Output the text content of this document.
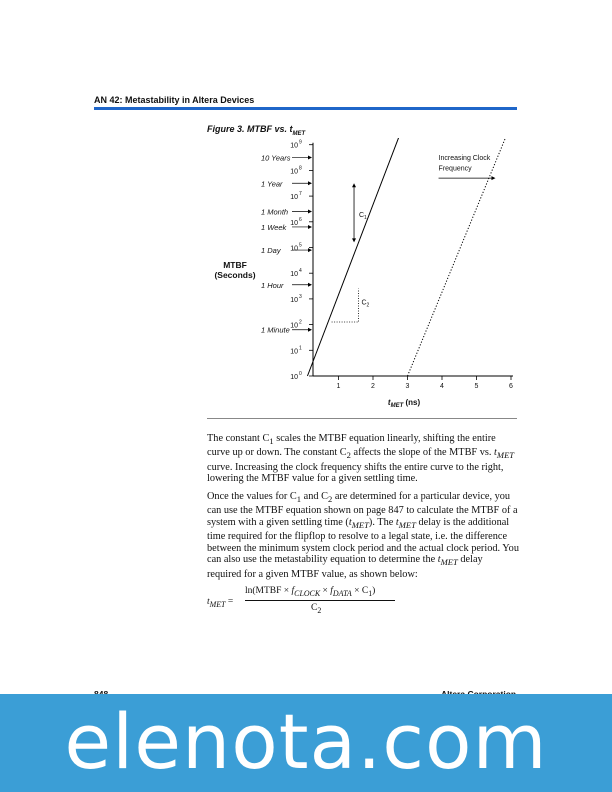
AN 42: Metastability in Altera Devices
Figure 3. MTBF vs. $t_{MET}$
MTBF
(Seconds)
10 0
10 1
10 2
10 3
10 4
10 5
10 6
10 7
10 8
10 9
1	2	3	4	5	6
$t_{MET}$ (ns)
10 Years
1 Year
1 Month
1 Week
1 Day
1 Hour
1 Minute
C 1
C 2
Increasing Clock
Frequency
The constant $C_1$ scales the MTBF equation linearly, shifting the entire curve up or down. The constant $C_2$ affects the slope of the MTBF vs. $t_{MET}$ curve. Increasing the clock frequency shifts the entire curve to the right, lowering the MTBF value for a given settling time.
Once the values for $C_1$ and $C_2$ are determined for a particular device, you can use the MTBF equation shown on page 847 to calculate the MTBF of a system with a given settling time $(t_{MET})$. The $t_{MET}$ delay is the additional time required for the flipflop to resolve to a legal state, i.e. the difference between the minimum system clock period and the actual clock period. You can also use the metastability equation to determine the $t_{MET}$ delay required for a given MTBF value, as shown below:
$t_{MET}$ =
ln(MTBF × $f_{CLOCK} \times f_{DATA} \times C_1$)
$C_2$
elenota.com
